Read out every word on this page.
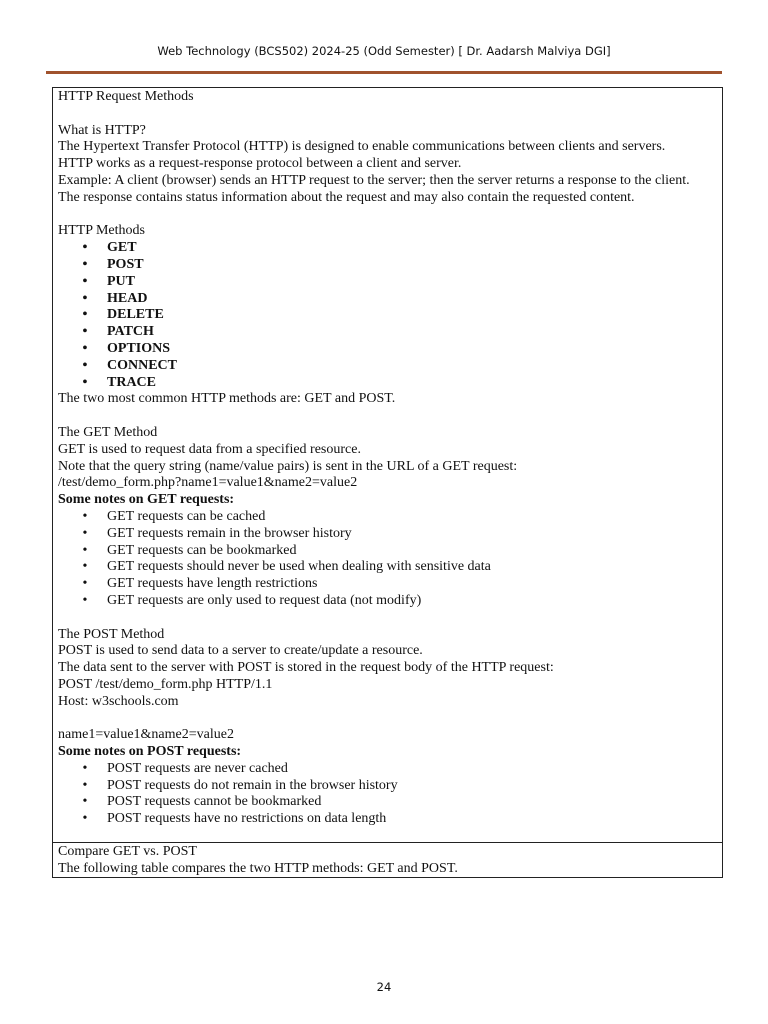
Web Technology (BCS502) 2024-25 (Odd Semester) [ Dr. Aadarsh Malviya DGI]
HTTP Request Methods
What is HTTP?
The Hypertext Transfer Protocol (HTTP) is designed to enable communications between clients and servers.
HTTP works as a request-response protocol between a client and server.
Example: A client (browser) sends an HTTP request to the server; then the server returns a response to the client.
The response contains status information about the request and may also contain the requested content.
HTTP Methods
• GET
• POST
• PUT
• HEAD
• DELETE
• PATCH
• OPTIONS
• CONNECT
• TRACE
The two most common HTTP methods are: GET and POST.
The GET Method
GET is used to request data from a specified resource.
Note that the query string (name/value pairs) is sent in the URL of a GET request:
/test/demo_form.php?name1=value1&name2=value2
Some notes on GET requests:
• GET requests can be cached
• GET requests remain in the browser history
• GET requests can be bookmarked
• GET requests should never be used when dealing with sensitive data
• GET requests have length restrictions
• GET requests are only used to request data (not modify)
The POST Method
POST is used to send data to a server to create/update a resource.
The data sent to the server with POST is stored in the request body of the HTTP request:
POST /test/demo_form.php HTTP/1.1
Host: w3schools.com
name1=value1&name2=value2
Some notes on POST requests:
• POST requests are never cached
• POST requests do not remain in the browser history
• POST requests cannot be bookmarked
• POST requests have no restrictions on data length
Compare GET vs. POST
The following table compares the two HTTP methods: GET and POST.
24
